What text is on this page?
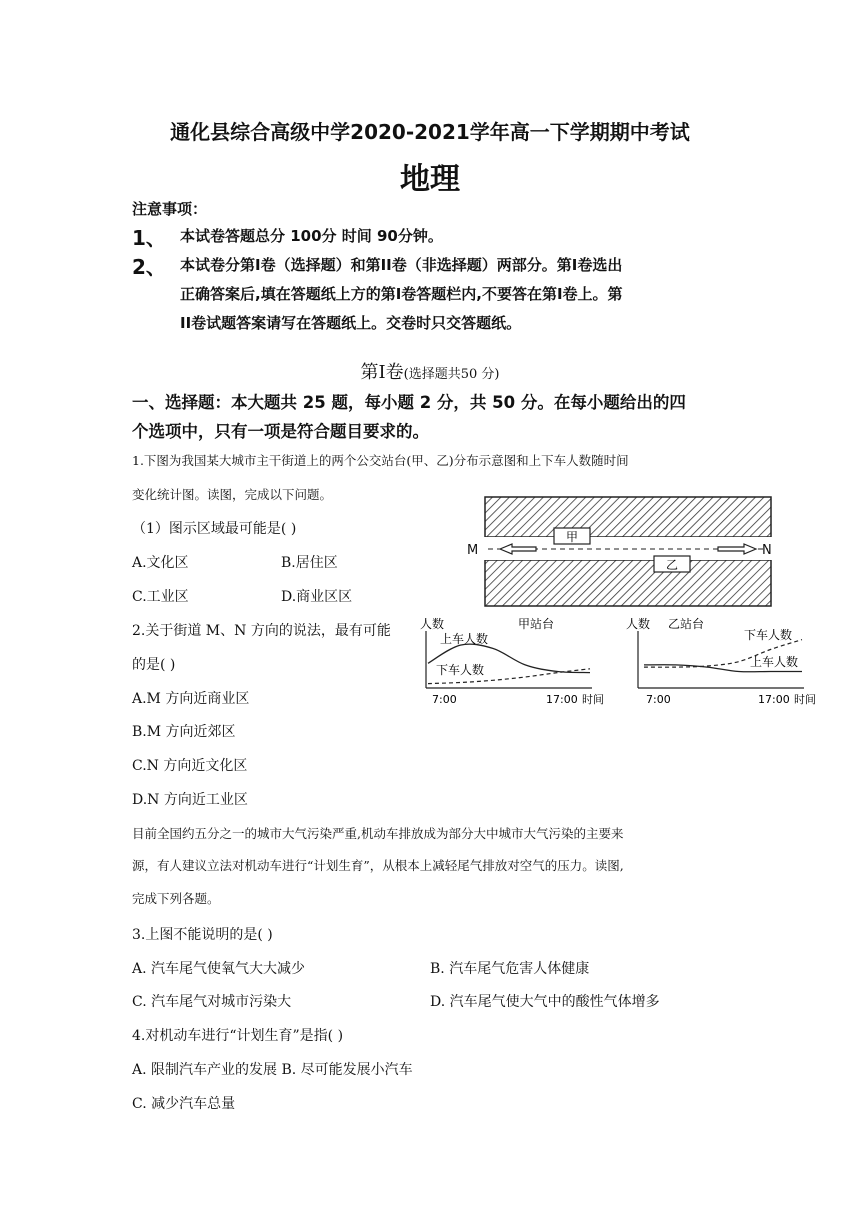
通化县综合高级中学2020-2021学年高一下学期期中考试
地理
注意事项：
1、 本试卷答题总分 100分 时间 90分钟。
2、 本试卷分第Ⅰ卷（选择题）和第ⅠⅠ卷（非选择题）两部分。第Ⅰ卷选出
正确答案后,填在答题纸上方的第Ⅰ卷答题栏内,不要答在第Ⅰ卷上。第
ⅠⅠ卷试题答案请写在答题纸上。交卷时只交答题纸。
第Ⅰ卷(选择题共50 分)
一、选择题：本大题共 25 题，每小题 2 分，共 50 分。在每小题给出的四
个选项中，只有一项是符合题目要求的。
1.下图为我国某大城市主干街道上的两个公交站台(甲、乙)分布示意图和上下车人数随时间
变化统计图。读图，完成以下问题。
（1）图示区域最可能是( )
A.文化区	B.居住区
C.工业区	D.商业区区
2.关于街道 M、N 方向的说法，最有可能
的是( )
A.M 方向近商业区
B.M 方向近郊区
C.N 方向近文化区
D.N 方向近工业区
甲
乙
M	N
人数	甲站台
上车人数
下车人数
7:00	17:00 时间
人数 乙站台
下车人数
上车人数
7:00	17:00 时间
目前全国约五分之一的城市大气污染严重,机动车排放成为部分大中城市大气污染的主要来
源，有人建议立法对机动车进行“计划生育”，从根本上减轻尾气排放对空气的压力。读图,
完成下列各题。
3.上图不能说明的是( )
A. 汽车尾气使氧气大大减少	B. 汽车尾气危害人体健康
C. 汽车尾气对城市污染大	D. 汽车尾气使大气中的酸性气体增多
4.对机动车进行“计划生育”是指( )
A. 限制汽车产业的发展 B. 尽可能发展小汽车
C. 减少汽车总量
